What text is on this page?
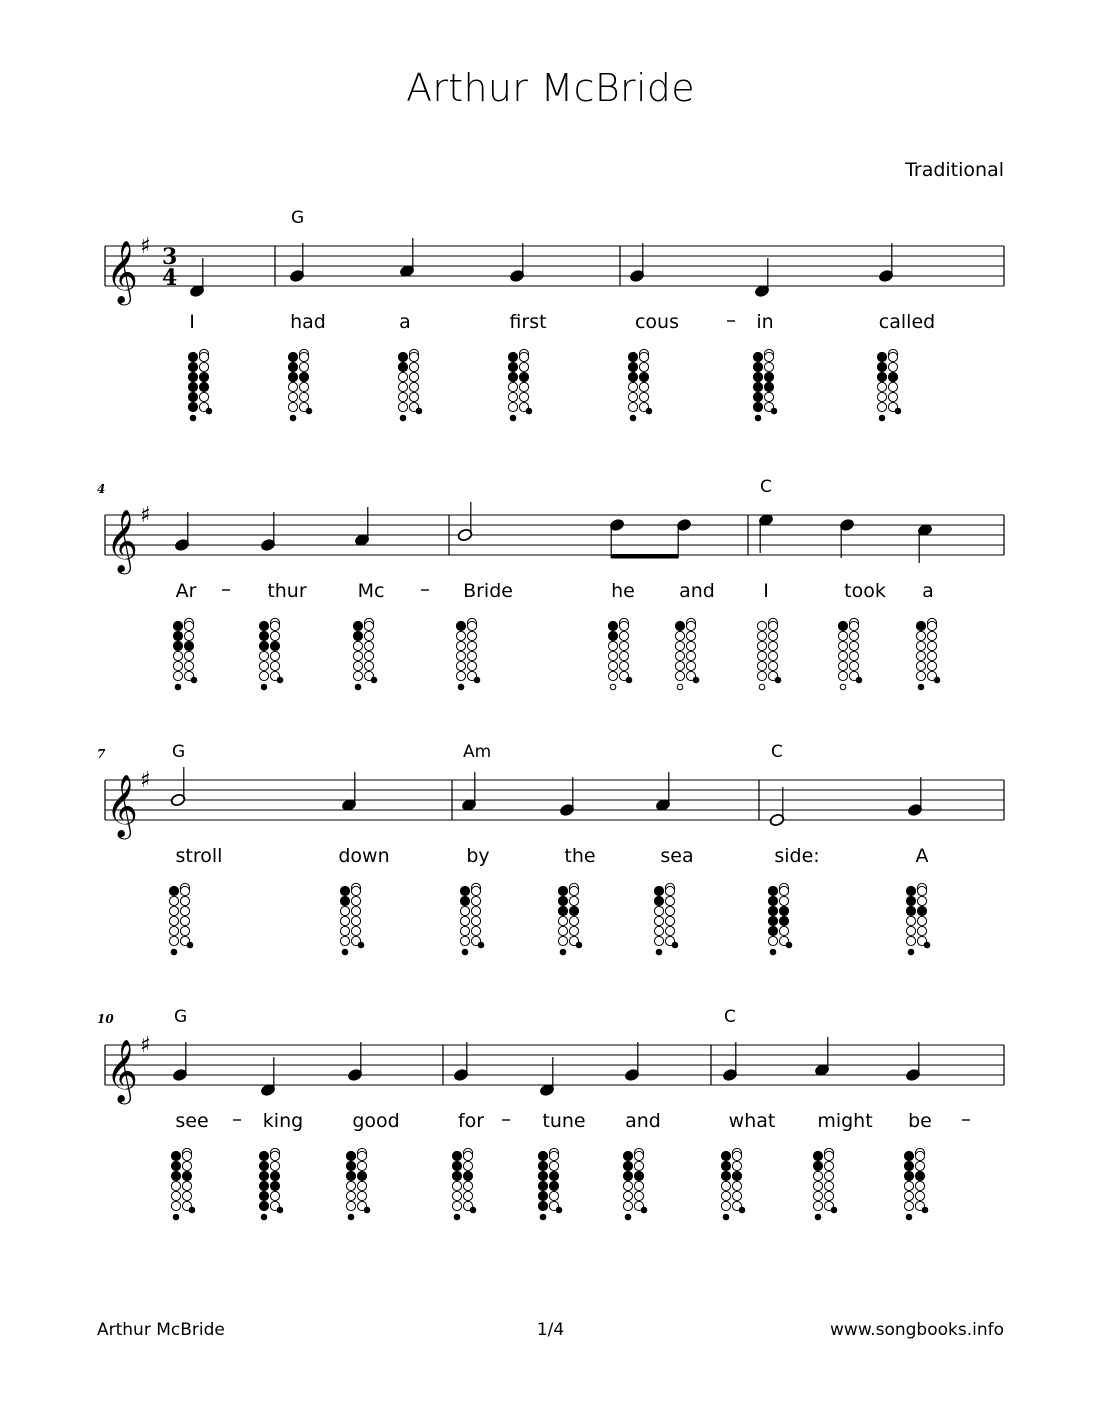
Arthur McBride
Traditional
𝄞 ♯ 3
4
G
I	had	a	first	cous	in	called
𝄞 ♯
4	C
Ar	thur	Mc	Bride	he and	I	took a
𝄞 ♯
7	G	Am	C
stroll	down	by	the	sea	side:	A
𝄞 ♯
10	G	C
see	king	good	for	tune and	what might be
Arthur McBride	1/4	www.songbooks.info
